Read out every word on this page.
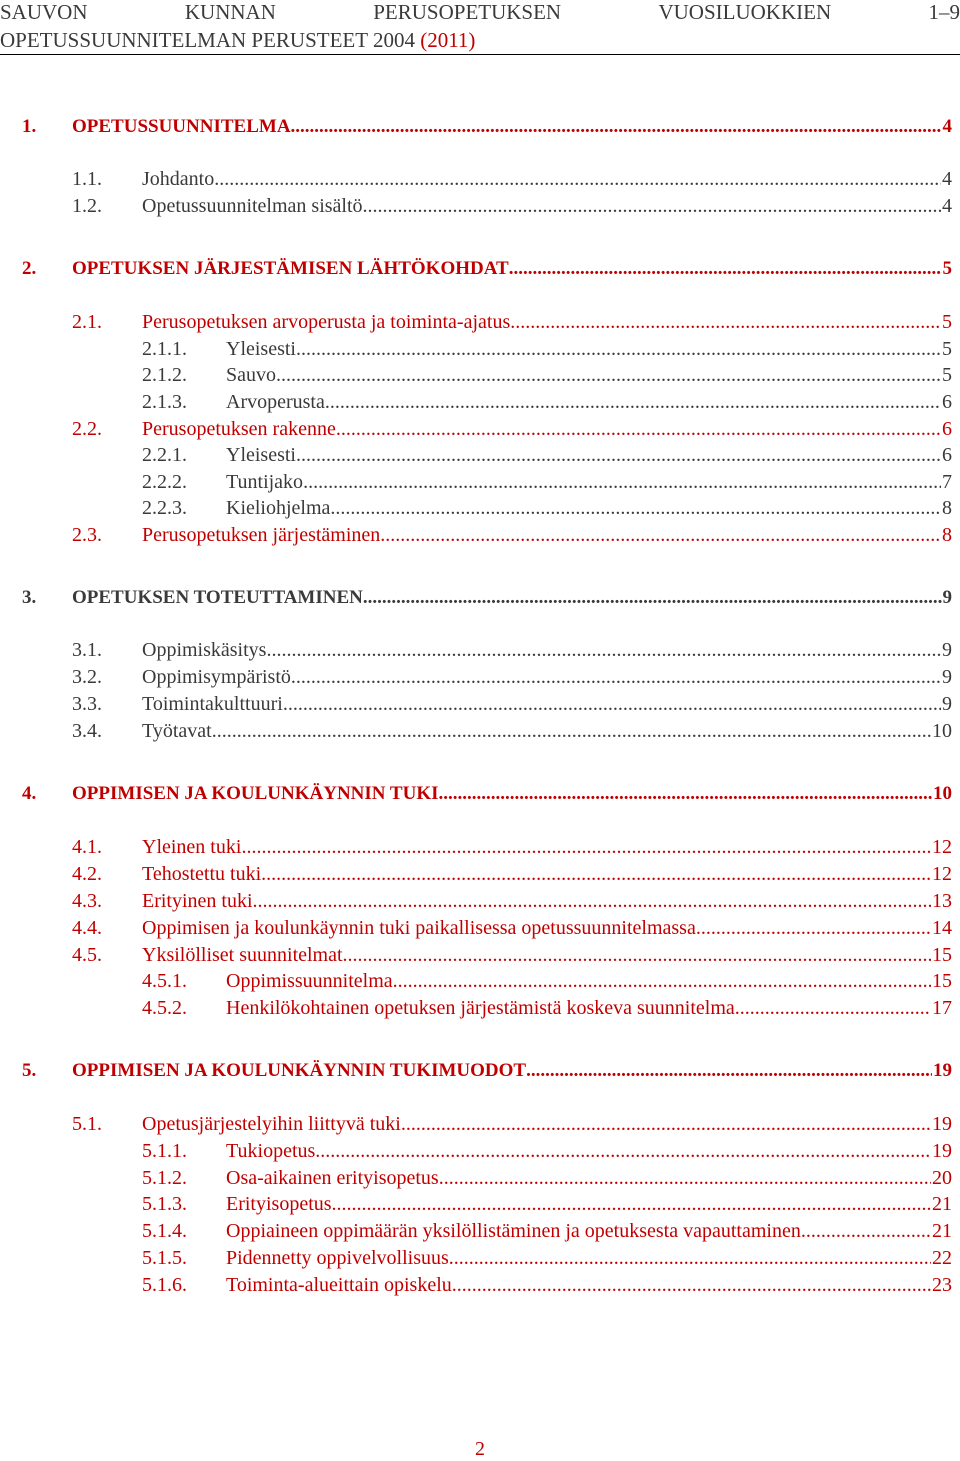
SAUVON	KUNNAN	PERUSOPETUKSEN	VUOSILUOKKIEN	1–9
OPETUSSUUNNITELMAN PERUSTEET 2004 (2011)
1. OPETUSSUUNNITELMA .....	4
1.1. Johdanto .....	4
1.2. Opetussuunnitelman sisältö .....	4
2. OPETUKSEN JÄRJESTÄMISEN LÄHTÖKOHDAT .....	5
2.1. Perusopetuksen arvoperusta ja toiminta-ajatus .....	5
2.1.1. Yleisesti .....	5
2.1.2. Sauvo .....	5
2.1.3. Arvoperusta .....	6
2.2. Perusopetuksen rakenne .....	6
2.2.1. Yleisesti .....	6
2.2.2. Tuntijako .....	7
2.2.3. Kieliohjelma .....	8
2.3. Perusopetuksen järjestäminen .....	8
3. OPETUKSEN TOTEUTTAMINEN .....	9
3.1. Oppimiskäsitys .....	9
3.2. Oppimisympäristö .....	9
3.3. Toimintakulttuuri .....	9
3.4. Työtavat .....	10
4. OPPIMISEN JA KOULUNKÄYNNIN TUKI .....	10
4.1. Yleinen tuki .....	12
4.2. Tehostettu tuki .....	12
4.3. Erityinen tuki .....	13
4.4. Oppimisen ja koulunkäynnin tuki paikallisessa opetussuunnitelmassa .....	14
4.5. Yksilölliset suunnitelmat .....	15
4.5.1. Oppimissuunnitelma .....	15
4.5.2. Henkilökohtainen opetuksen järjestämistä koskeva suunnitelma .....	17
5. OPPIMISEN JA KOULUNKÄYNNIN TUKIMUODOT .....	19
5.1. Opetusjärjestelyihin liittyvä tuki .....	19
5.1.1. Tukiopetus .....	19
5.1.2. Osa-aikainen erityisopetus .....	20
5.1.3. Erityisopetus .....	21
5.1.4. Oppiaineen oppimäärän yksilöllistäminen ja opetuksesta vapauttaminen .....	21
5.1.5. Pidennetty oppivelvollisuus .....	22
5.1.6. Toiminta-alueittain opiskelu .....	23
2
